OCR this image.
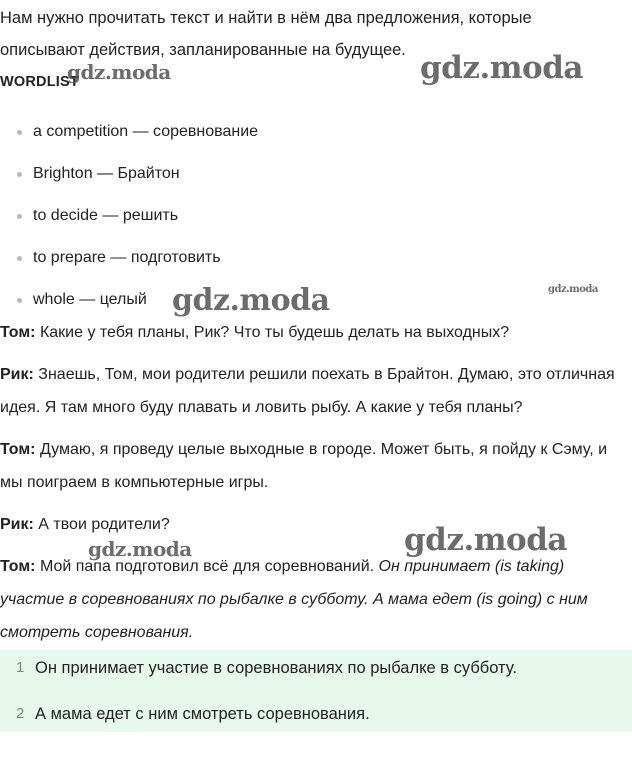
Нам нужно прочитать текст и найти в нём два предложения, которые описывают действия, запланированные на будущее.

WORDLIST
a competition — соревнование
Brighton — Брайтон
to decide — решить
to prepare — подготовить
whole — целый

Том: Какие у тебя планы, Рик? Что ты будешь делать на выходных?

Рик: Знаешь, Том, мои родители решили поехать в Брайтон. Думаю, это отличная идея. Я там много буду плавать и ловить рыбу. А какие у тебя планы?

Том: Думаю, я проведу целые выходные в городе. Может быть, я пойду к Сэму, и мы поиграем в компьютерные игры.

Рик: А твои родители?

Том: Мой папа подготовил всё для соревнований. Он принимает (is taking) участие в соревнованиях по рыбалке в субботу. А мама едет (is going) с ним смотреть соревнования.

1 Он принимает участие в соревнованиях по рыбалке в субботу.
2 А мама едет с ним смотреть соревнования.
gdz.moda	gdz.moda
gdz.moda
gdz.moda
gdz.moda	gdz.moda
